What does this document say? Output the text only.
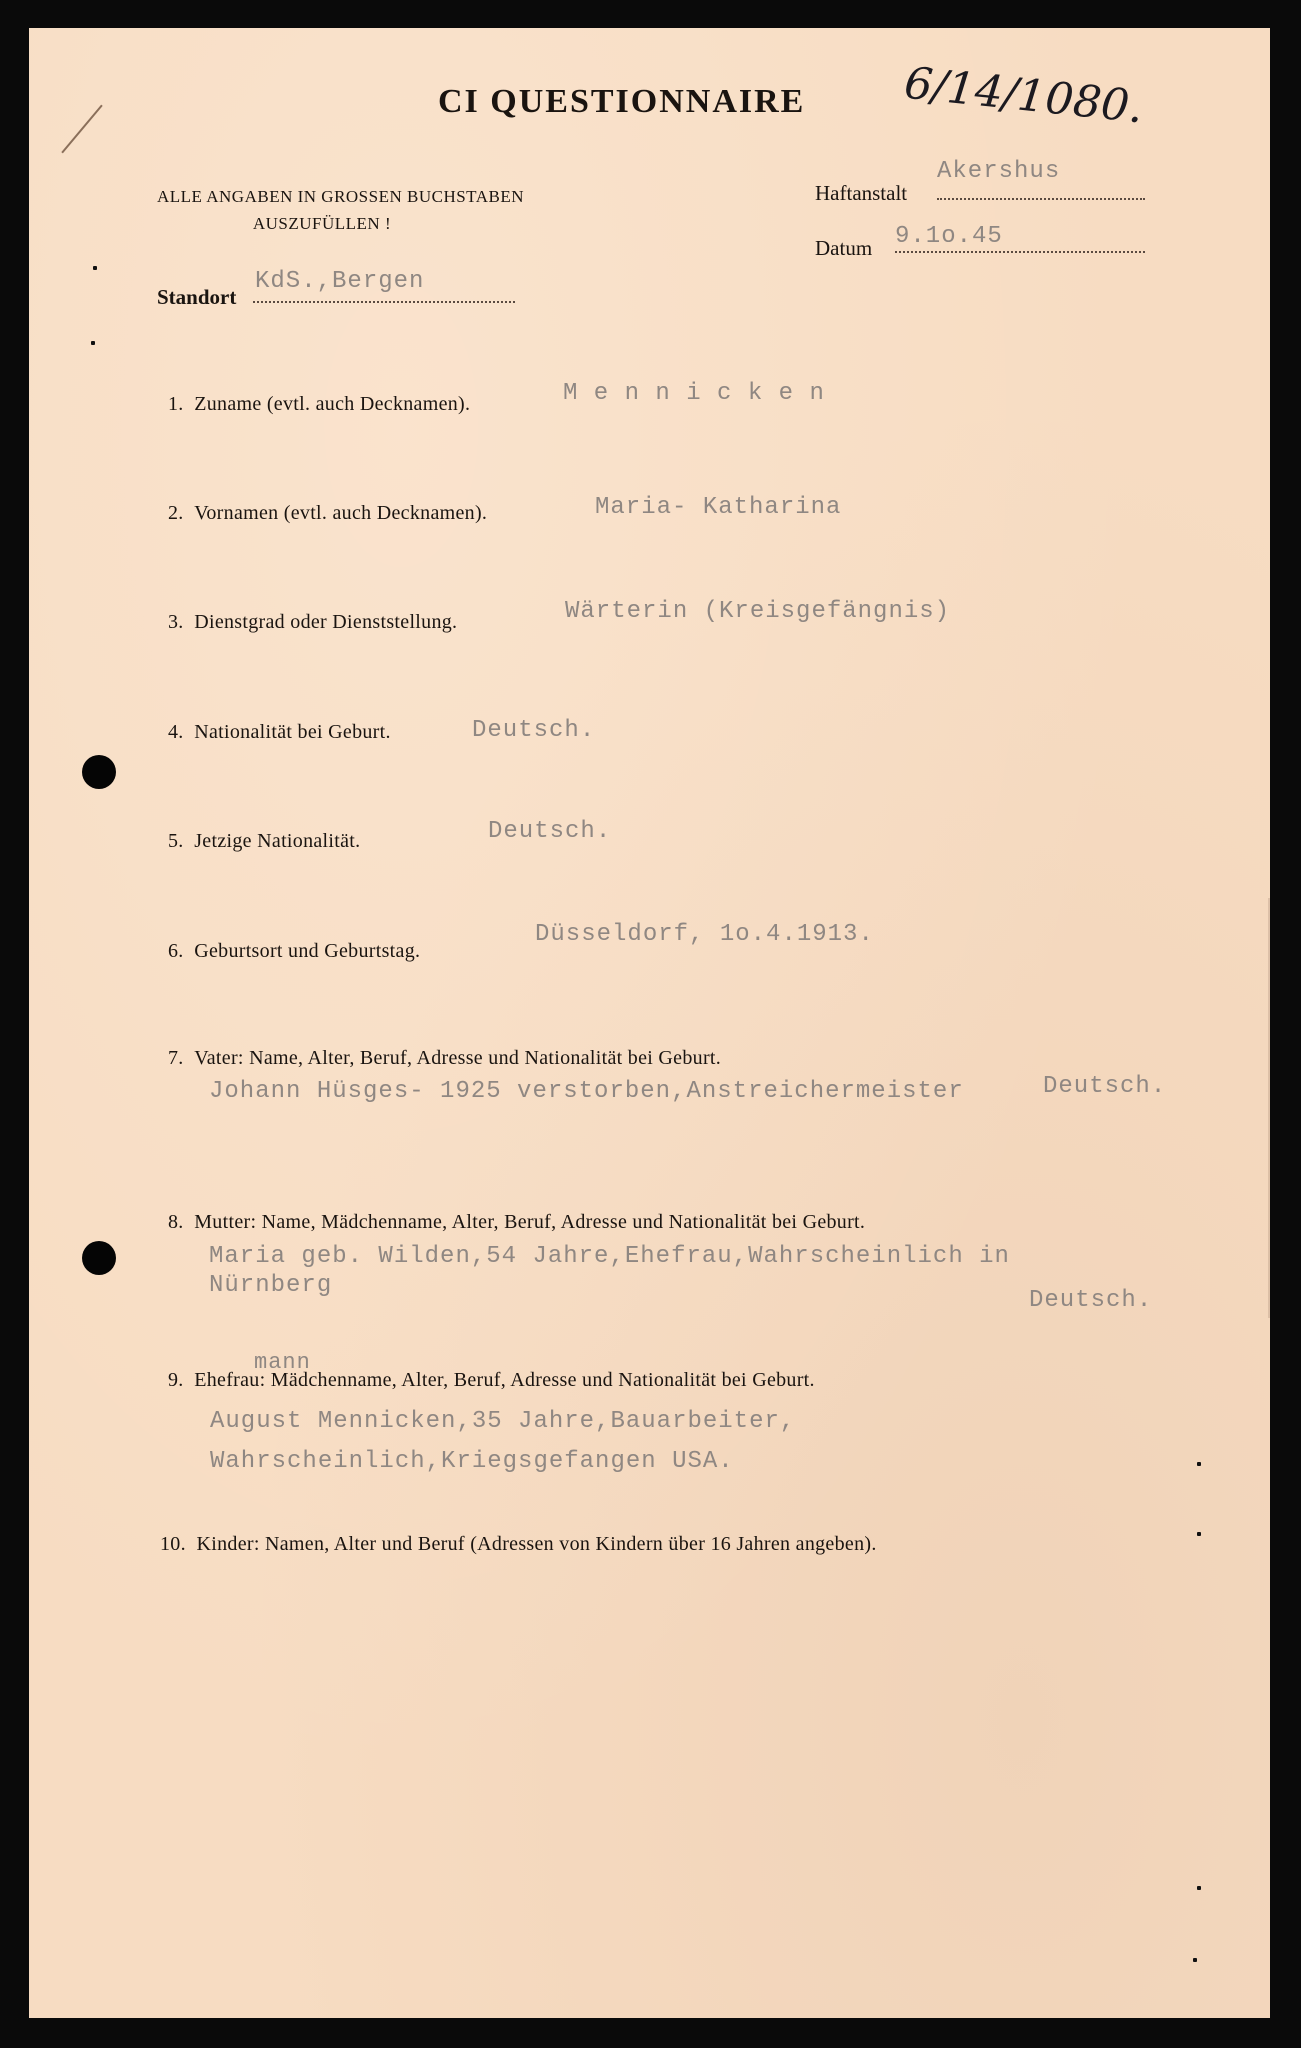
CI QUESTIONNAIRE 6/14/1080.
ALLE ANGABEN IN GROSSEN BUCHSTABEN
AUSZUFÜLLEN !
Haftanstalt
Akershus
Datum 9.1o.45
Standort
KdS.,Bergen
1. Zuname (evtl. auch Decknamen).	M e n n i c k e n
2. Vornamen (evtl. auch Decknamen).	Maria- Katharina
3. Dienstgrad oder Dienststellung.	Wärterin (Kreisgefängnis)
4. Nationalität bei Geburt.	Deutsch.
5. Jetzige Nationalität.	Deutsch.
6. Geburtsort und Geburtstag.
Düsseldorf, 1o.4.1913.
7. Vater: Name, Alter, Beruf, Adresse und Nationalität bei Geburt.
Johann Hüsges- 1925 verstorben,Anstreichermeister	Deutsch.
8. Mutter: Name, Mädchenname, Alter, Beruf, Adresse und Nationalität bei Geburt.
Maria geb. Wilden,54 Jahre,Ehefrau,Wahrscheinlich in
Nürnberg
Deutsch.
mann
9. Ehefrau: Mädchenname, Alter, Beruf, Adresse und Nationalität bei Geburt.
August Mennicken,35 Jahre,Bauarbeiter,
Wahrscheinlich,Kriegsgefangen USA.
10. Kinder: Namen, Alter und Beruf (Adressen von Kindern über 16 Jahren angeben).
